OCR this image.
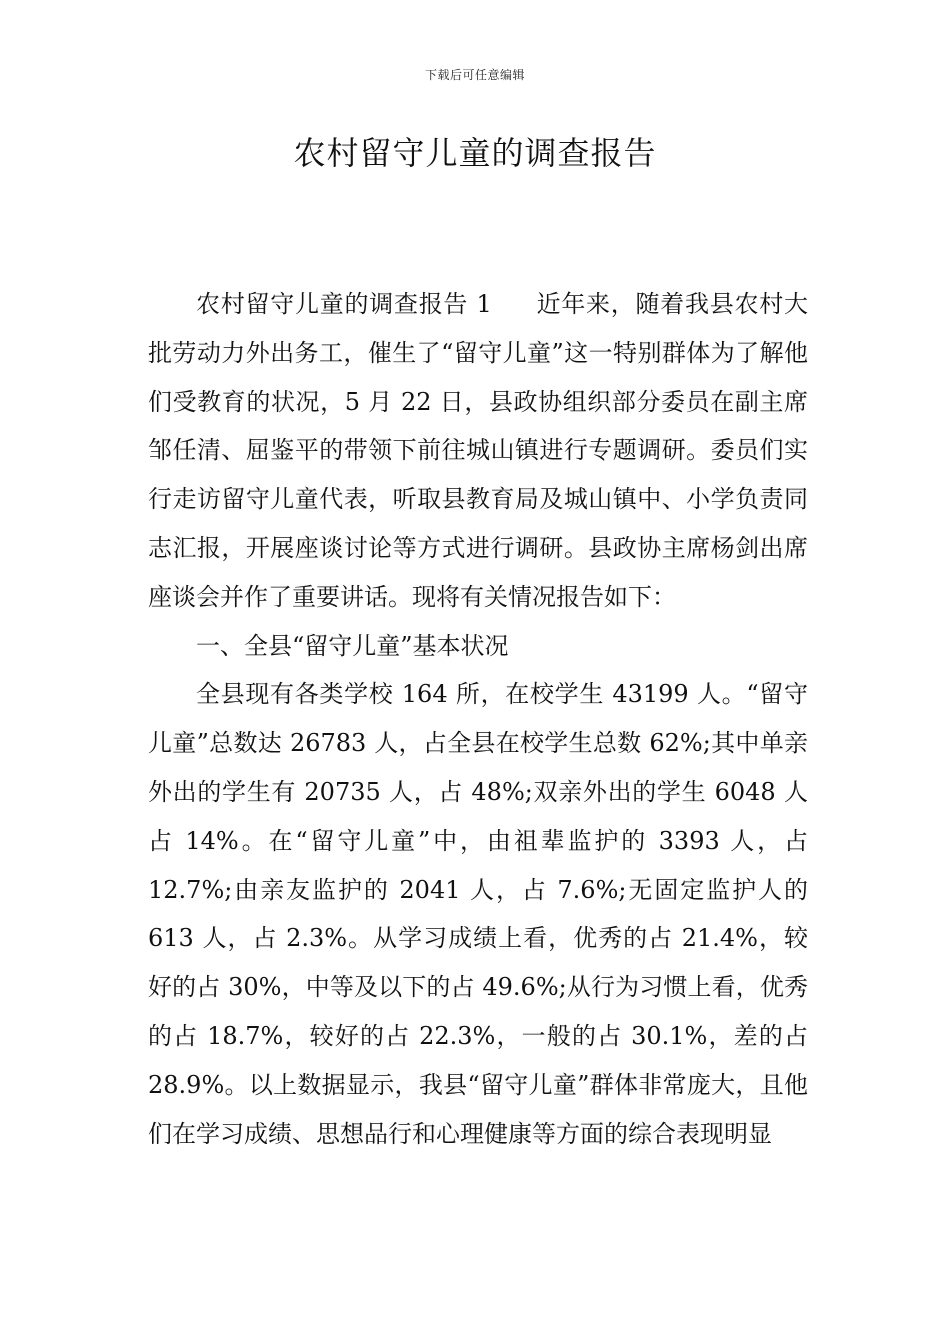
下载后可任意编辑
农村留守儿童的调查报告

农村留守儿童的调查报告 1 近年来，随着我县农村大批劳动力外出务工，催生了“留守儿童”这一特别群体为了解他们受教育的状况，5 月 22 日，县政协组织部分委员在副主席邹任清、屈鉴平的带领下前往城山镇进行专题调研。委员们实行走访留守儿童代表，听取县教育局及城山镇中、小学负责同志汇报，开展座谈讨论等方式进行调研。县政协主席杨剑出席座谈会并作了重要讲话。现将有关情况报告如下：

一、全县“留守儿童”基本状况

全县现有各类学校 164 所，在校学生 43199 人。“留守儿童”总数达 26783 人，占全县在校学生总数 62%;其中单亲外出的学生有 20735 人，占 48%;双亲外出的学生 6048 人占 14%。在“留守儿童”中，由祖辈监护的 3393 人，占 12.7%;由亲友监护的 2041 人，占 7.6%;无固定监护人的 613 人，占 2.3%。从学习成绩上看，优秀的占 21.4%，较好的占 30%，中等及以下的占 49.6%;从行为习惯上看，优秀的占 18.7%，较好的占 22.3%，一般的占 30.1%，差的占 28.9%。以上数据显示，我县“留守儿童”群体非常庞大，且他们在学习成绩、思想品行和心理健康等方面的综合表现明显
